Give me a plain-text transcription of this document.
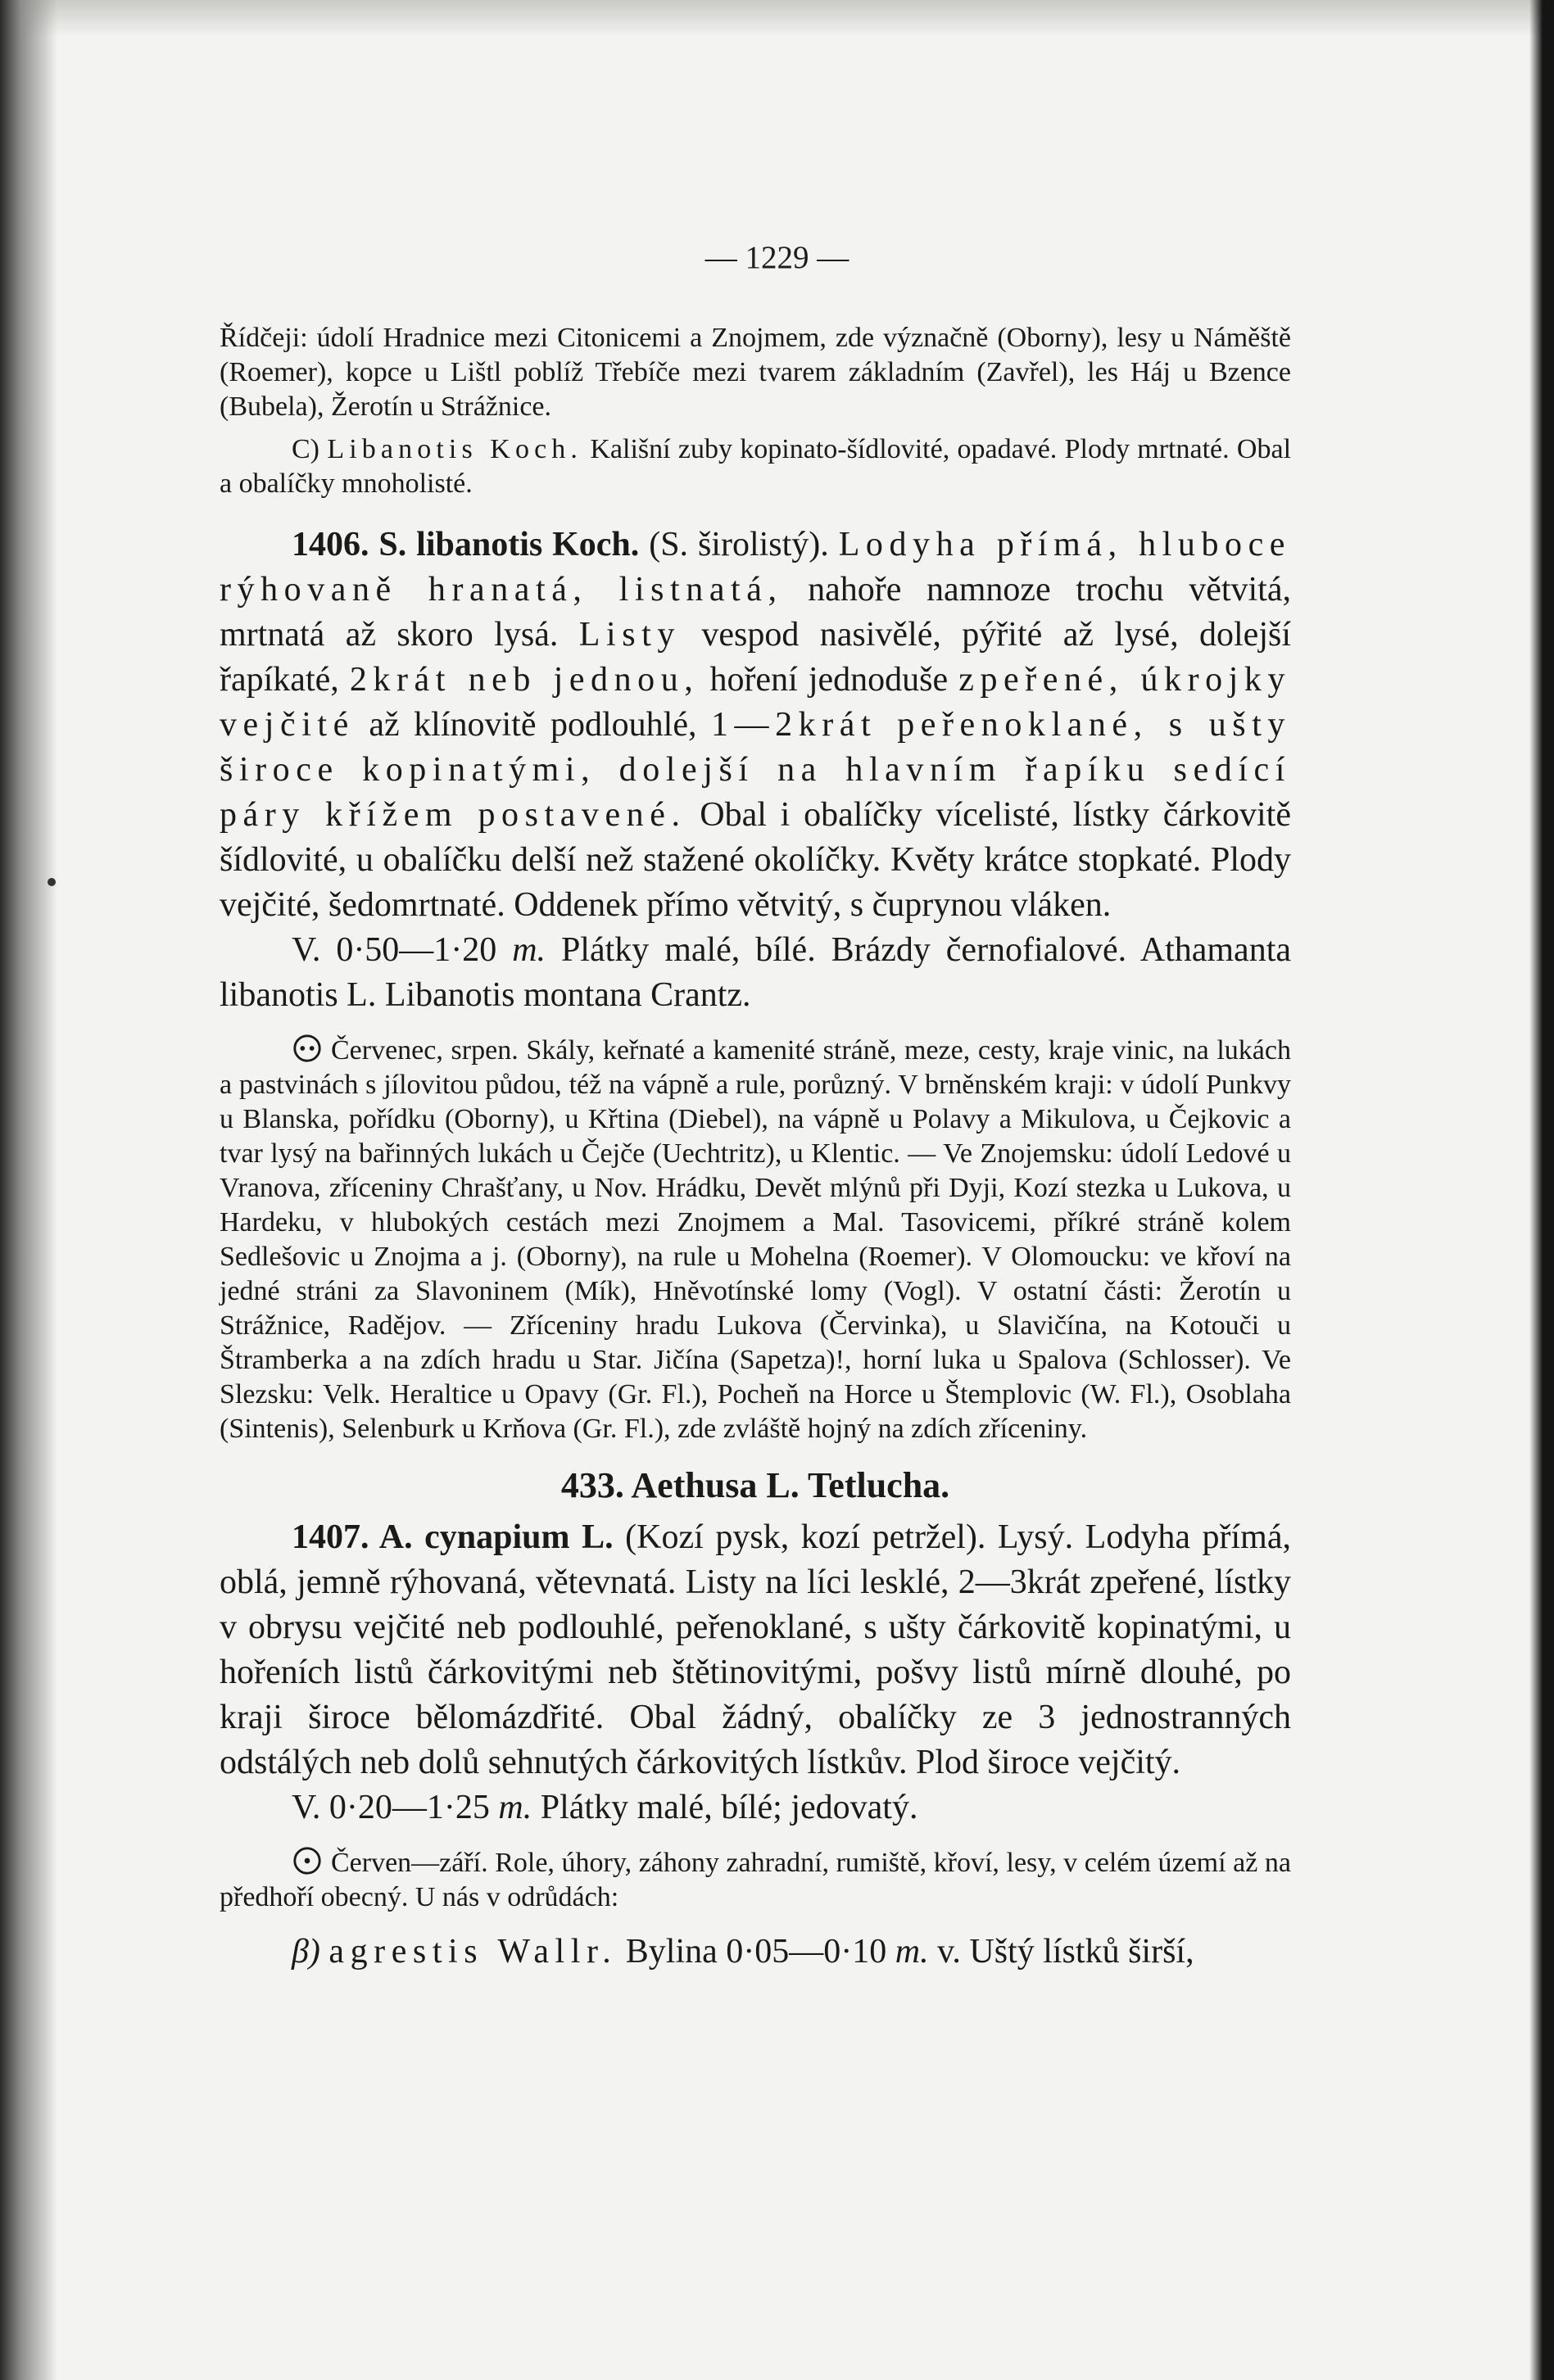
— 1229 —

Řídčeji: údolí Hradnice mezi Citonicemi a Znojmem, zde význačně (Oborny), lesy u Náměště (Roemer), kopce u Lištl poblíž Třebíče mezi tvarem základním (Zavřel), les Háj u Bzence (Bubela), Žerotín u Strážnice.

C) Libanotis Koch. Kališní zuby kopinato-šídlovité, opadavé. Plody mrtnaté. Obal a obalíčky mnoholisté.

1406. S. libanotis Koch. (S. širolistý). Lodyha přímá, hluboce rýhovaně hranatá, listnatá, nahoře namnoze trochu větvitá, mrtnatá až skoro lysá. Listy vespod nasivělé, pýřité až lysé, dolejší řapíkaté, 2krát neb jednou, hoření jednoduše zpeřené, úkrojky vejčité až klínovitě podlouhlé, 1—2krát peřenoklané, s ušty široce kopinatými, dolejší na hlavním řapíku sedící páry křížem postavené. Obal i obalíčky vícelisté, lístky čárkovitě šídlovité, u obalíčku delší než stažené okolíčky. Květy krátce stopkaté. Plody vejčité, šedomrtnaté. Oddenek přímo větvitý, s čuprynou vláken.

V. 0·50—1·20 m. Plátky malé, bílé. Brázdy černofialové. Athamanta libanotis L. Libanotis montana Crantz.

Červenec, srpen. Skály, keřnaté a kamenité stráně, meze, cesty, kraje vinic, na lukách a pastvinách s jílovitou půdou, též na vápně a rule, porůzný. V brněnském kraji: v údolí Punkvy u Blanska, pořídku (Oborny), u Křtina (Diebel), na vápně u Polavy a Mikulova, u Čejkovic a tvar lysý na bařinných lukách u Čejče (Uechtritz), u Klentic. — Ve Znojemsku: údolí Ledové u Vranova, zříceniny Chrašťany, u Nov. Hrádku, Devět mlýnů při Dyji, Kozí stezka u Lukova, u Hardeku, v hlubokých cestách mezi Znojmem a Mal. Tasovicemi, příkré stráně kolem Sedlešovic u Znojma a j. (Oborny), na rule u Mohelna (Roemer). V Olomoucku: ve křoví na jedné stráni za Slavoninem (Mík), Hněvotínské lomy (Vogl). V ostatní části: Žerotín u Strážnice, Radějov. — Zříceniny hradu Lukova (Červinka), u Slavičína, na Kotouči u Štramberka a na zdích hradu u Star. Jičína (Sapetza)!, horní luka u Spalova (Schlosser). Ve Slezsku: Velk. Heraltice u Opavy (Gr. Fl.), Pocheň na Horce u Štemplovic (W. Fl.), Osoblaha (Sintenis), Selenburk u Krňova (Gr. Fl.), zde zvláště hojný na zdích zříceniny.

433. Aethusa L. Tetlucha.

1407. A. cynapium L. (Kozí pysk, kozí petržel). Lysý. Lodyha přímá, oblá, jemně rýhovaná, větevnatá. Listy na líci lesklé, 2—3krát zpeřené, lístky v obrysu vejčité neb podlouhlé, peřenoklané, s ušty čárkovitě kopinatými, u hořeních listů čárkovitými neb štětinovitými, pošvy listů mírně dlouhé, po kraji široce bělomázdřité. Obal žádný, obalíčky ze 3 jednostranných odstálých neb dolů sehnutých čárkovitých lístkův. Plod široce vejčitý.

V. 0·20—1·25 m. Plátky malé, bílé; jedovatý.

Červen—září. Role, úhory, záhony zahradní, rumiště, křoví, lesy, v celém území až na předhoří obecný. U nás v odrůdách:

β) agrestis Wallr. Bylina 0·05—0·10 m. v. Uštý lístků širší,
